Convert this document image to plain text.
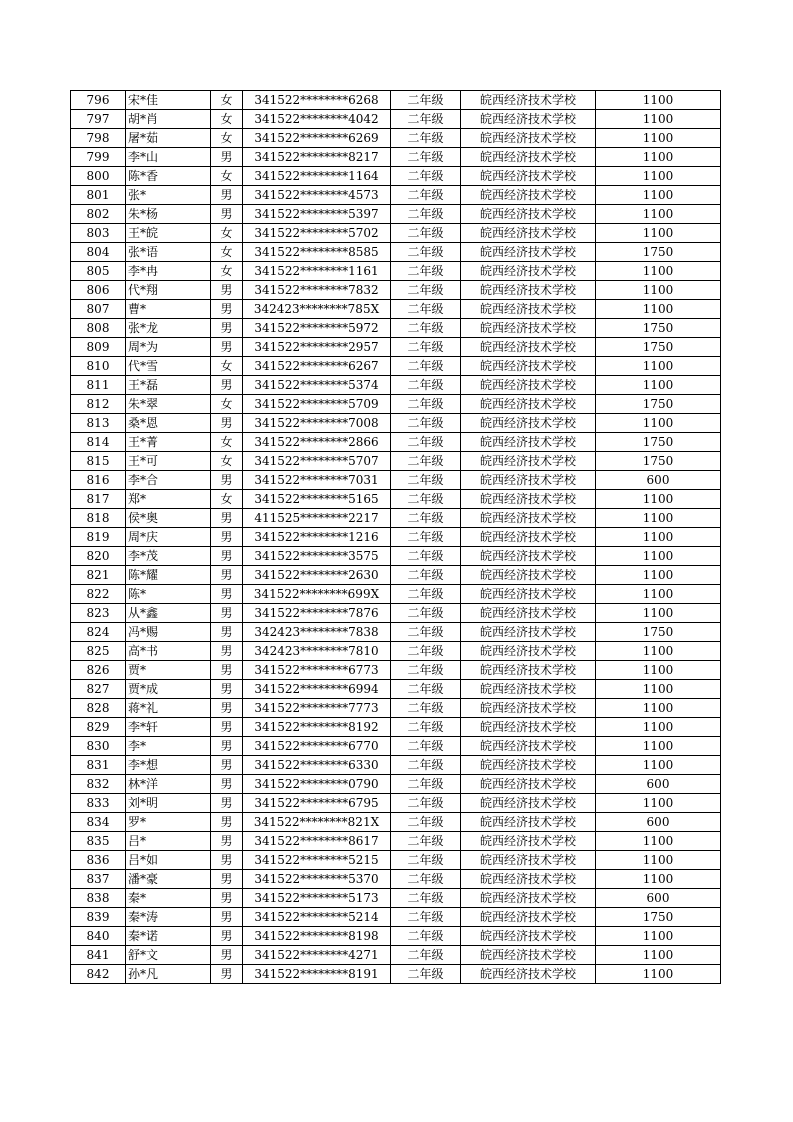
796	宋*佳	女	341522********6268	二年级	皖西经济技术学校	1100
797	胡*肖	女	341522********4042	二年级	皖西经济技术学校	1100
798	屠*茹	女	341522********6269	二年级	皖西经济技术学校	1100
799	李*山	男	341522********8217	二年级	皖西经济技术学校	1100
800	陈*香	女	341522********1164	二年级	皖西经济技术学校	1100
801	张*	男	341522********4573	二年级	皖西经济技术学校	1100
802	朱*杨	男	341522********5397	二年级	皖西经济技术学校	1100
803	王*皖	女	341522********5702	二年级	皖西经济技术学校	1100
804	张*语	女	341522********8585	二年级	皖西经济技术学校	1750
805	李*冉	女	341522********1161	二年级	皖西经济技术学校	1100
806	代*翔	男	341522********7832	二年级	皖西经济技术学校	1100
807	曹*	男	342423********785X	二年级	皖西经济技术学校	1100
808	张*龙	男	341522********5972	二年级	皖西经济技术学校	1750
809	周*为	男	341522********2957	二年级	皖西经济技术学校	1750
810	代*雪	女	341522********6267	二年级	皖西经济技术学校	1100
811	王*磊	男	341522********5374	二年级	皖西经济技术学校	1100
812	朱*翠	女	341522********5709	二年级	皖西经济技术学校	1750
813	桑*恩	男	341522********7008	二年级	皖西经济技术学校	1100
814	王*菁	女	341522********2866	二年级	皖西经济技术学校	1750
815	王*可	女	341522********5707	二年级	皖西经济技术学校	1750
816	李*合	男	341522********7031	二年级	皖西经济技术学校	600
817	郑*	女	341522********5165	二年级	皖西经济技术学校	1100
818	侯*奥	男	411525********2217	二年级	皖西经济技术学校	1100
819	周*庆	男	341522********1216	二年级	皖西经济技术学校	1100
820	李*茂	男	341522********3575	二年级	皖西经济技术学校	1100
821	陈*耀	男	341522********2630	二年级	皖西经济技术学校	1100
822	陈*	男	341522********699X	二年级	皖西经济技术学校	1100
823	从*鑫	男	341522********7876	二年级	皖西经济技术学校	1100
824	冯*赐	男	342423********7838	二年级	皖西经济技术学校	1750
825	高*书	男	342423********7810	二年级	皖西经济技术学校	1100
826	贾*	男	341522********6773	二年级	皖西经济技术学校	1100
827	贾*成	男	341522********6994	二年级	皖西经济技术学校	1100
828	蒋*礼	男	341522********7773	二年级	皖西经济技术学校	1100
829	李*轩	男	341522********8192	二年级	皖西经济技术学校	1100
830	李*	男	341522********6770	二年级	皖西经济技术学校	1100
831	李*想	男	341522********6330	二年级	皖西经济技术学校	1100
832	林*洋	男	341522********0790	二年级	皖西经济技术学校	600
833	刘*明	男	341522********6795	二年级	皖西经济技术学校	1100
834	罗*	男	341522********821X	二年级	皖西经济技术学校	600
835	吕*	男	341522********8617	二年级	皖西经济技术学校	1100
836	吕*如	男	341522********5215	二年级	皖西经济技术学校	1100
837	潘*豪	男	341522********5370	二年级	皖西经济技术学校	1100
838	秦*	男	341522********5173	二年级	皖西经济技术学校	600
839	秦*涛	男	341522********5214	二年级	皖西经济技术学校	1750
840	秦*诺	男	341522********8198	二年级	皖西经济技术学校	1100
841	舒*文	男	341522********4271	二年级	皖西经济技术学校	1100
842	孙*凡	男	341522********8191	二年级	皖西经济技术学校	1100
